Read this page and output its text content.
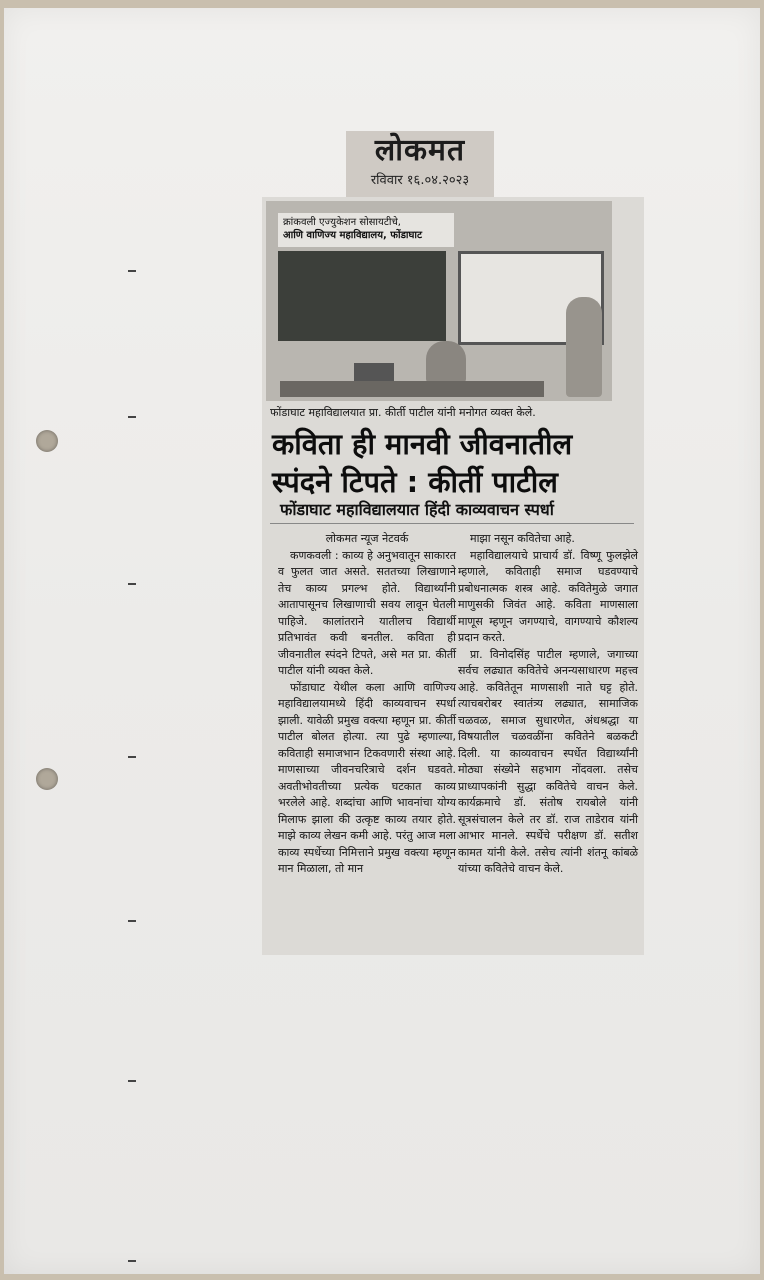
लोकमत
रविवार १६.०४.२०२३
क्रांकवली एज्युकेशन सोसायटीचे,
आणि वाणिज्य महाविद्यालय, फोंडाघाट
फोंडाघाट महाविद्यालयात प्रा. कीर्ती पाटील यांनी मनोगत व्यक्त केले.
कविता ही मानवी जीवनातील
स्पंदने टिपते : कीर्ती पाटील
फोंडाघाट महाविद्यालयात हिंदी काव्यवाचन स्पर्धा

लोकमत न्यूज नेटवर्क

कणकवली : काव्य हे अनुभवातून साकारत व फुलत जात असते. सततच्या लिखाणाने तेच काव्य प्रगल्भ होते. विद्यार्थ्यांनी आतापासूनच लिखाणाची सवय लावून घेतली पाहिजे. कालांतराने यातीलच विद्यार्थी प्रतिभावंत कवी बनतील. कविता ही जीवनातील स्पंदने टिपते, असे मत प्रा. कीर्ती पाटील यांनी व्यक्त केले.

फोंडाघाट येथील कला आणि वाणिज्य महाविद्यालयामध्ये हिंदी काव्यवाचन स्पर्धा झाली. यावेळी प्रमुख वक्त्या म्हणून प्रा. कीर्ती पाटील बोलत होत्या. त्या पुढे म्हणाल्या, कविताही समाजभान टिकवणारी संस्था आहे. माणसाच्या जीवनचरित्राचे दर्शन घडवते. अवतीभोवतीच्या प्रत्येक घटकात काव्य भरलेले आहे. शब्दांचा आणि भावनांचा योग्य मिलाफ झाला की उत्कृष्ट काव्य तयार होते. माझे काव्य लेखन कमी आहे. परंतु आज मला काव्य स्पर्धेच्या निमित्ताने प्रमुख वक्त्या म्हणून मान मिळाला, तो मान

माझा नसून कवितेचा आहे.

महाविद्यालयाचे प्राचार्य डॉ. विष्णू फुलझेले म्हणाले, कविताही समाज घडवण्याचे प्रबोधनात्मक शस्त्र आहे. कवितेमुळे जगात माणुसकी जिवंत आहे. कविता माणसाला माणूस म्हणून जगण्याचे, वागण्याचे कौशल्य प्रदान करते.

प्रा. विनोदसिंह पाटील म्हणाले, जगाच्या सर्वच लढ्यात कवितेचे अनन्यसाधारण महत्त्व आहे. कवितेतून माणसाशी नाते घट्ट होते. त्याचबरोबर स्वातंत्र्य लढ्यात, सामाजिक चळवळ, समाज सुधारणेत, अंधश्रद्धा या विषयातील चळवळींना कवितेने बळकटी दिली. या काव्यवाचन स्पर्धेत विद्यार्थ्यांनी मोठ्या संख्येने सहभाग नोंदवला. तसेच प्राध्यापकांनी सुद्धा कवितेचे वाचन केले. कार्यक्रमाचे डॉ. संतोष रायबोले यांनी सूत्रसंचालन केले तर डॉ. राज ताडेराव यांनी आभार मानले. स्पर्धेचे परीक्षण डॉ. सतीश कामत यांनी केले. तसेच त्यांनी शंतनू कांबळे यांच्या कवितेचे वाचन केले.
